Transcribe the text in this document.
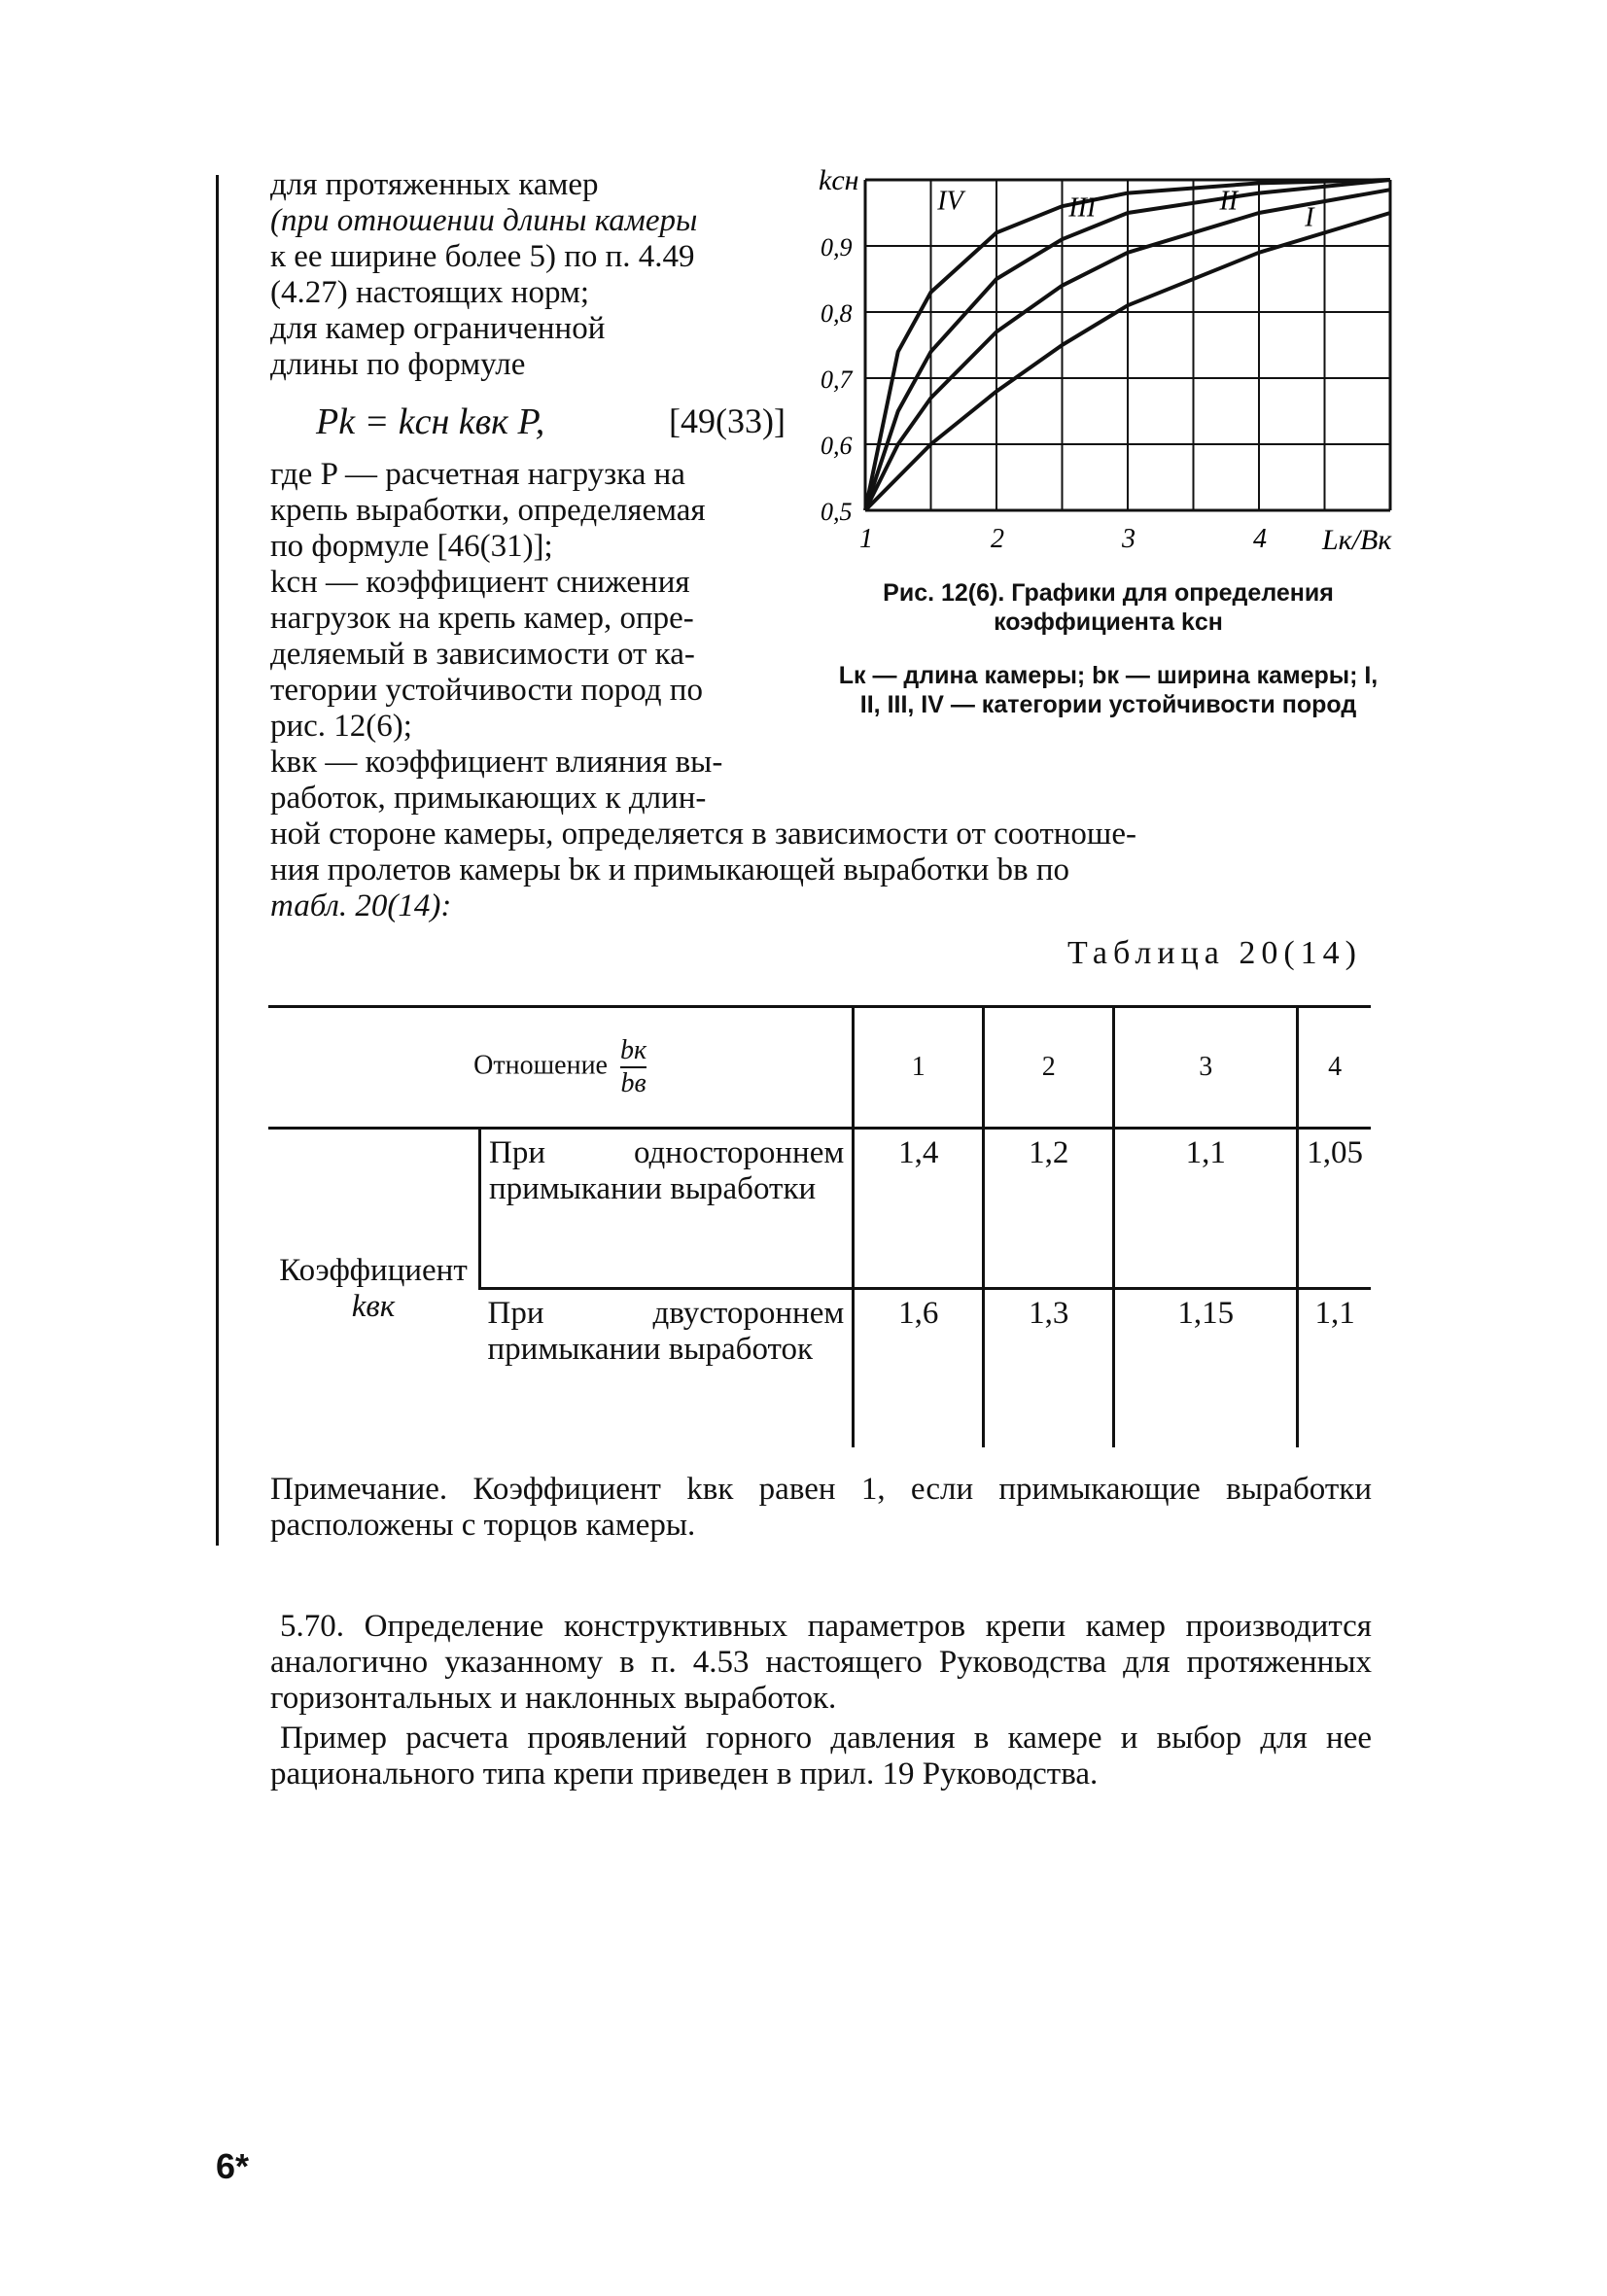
для протяженных камер
(при отношении длины камеры
к ее ширине более 5) по п. 4.49
(4.27) настоящих норм;
для камер ограниченной
длины по формуле
Pk = kсн kвк P,	[49(33)]
где P — расчетная нагрузка на
крепь выработки, определяемая
по формуле [46(31)];
kсн — коэффициент снижения
нагрузок на крепь камер, опре-
деляемый в зависимости от ка-
тегории устойчивости пород по
рис. 12(6);
kвк — коэффициент влияния вы-
работок, примыкающих к длин-
ной стороне камеры, определяется в зависимости от соотноше-
ния пролетов камеры bк и примыкающей выработки bв по
табл. 20(14):
IV	III	II
I
1	2	3	4
0,5
0,6
0,7
0,8
0,9
kсн
Lк/Bк
Рис. 12(6). Графики для определения коэффициента kсн
Lк — длина камеры; bк — ширина камеры; I, II, III, IV — категории устойчивости пород
Таблица 20(14)
Отношение bк
bв		1	2	3	4

Коэффициент
kвк	При одностороннем примыкании выработки	1,4	1,2	1,1	1,05
	При двустороннем примыкании выработок	1,6	1,3	1,15	1,1
Примечание. Коэффициент kвк равен 1, если примыкающие выработки расположены с торцов камеры.
5.70. Определение конструктивных параметров крепи камер производится аналогично указанному в п. 4.53 настоящего Руководства для протяженных горизонтальных и наклонных выработок.
Пример расчета проявлений горного давления в камере и выбор для нее рационального типа крепи приведен в прил. 19 Руководства.
6*
